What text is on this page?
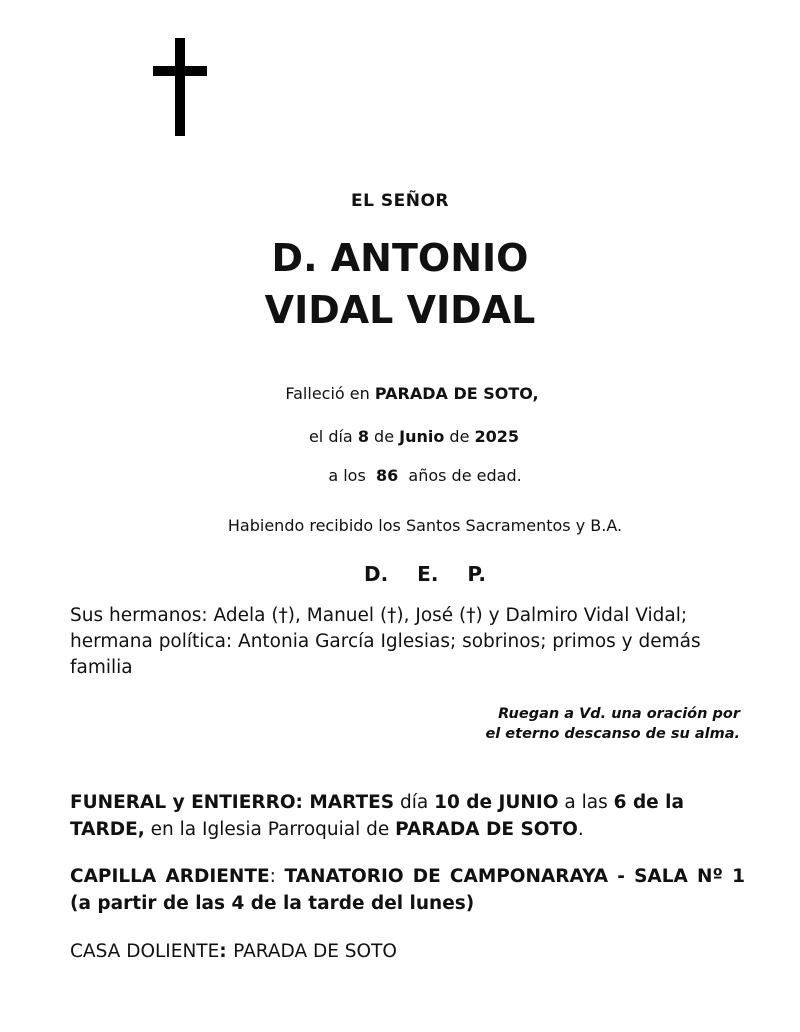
EL SEÑOR
D. ANTONIO
VIDAL VIDAL
Falleció en PARADA DE SOTO,
el día 8 de Junio de 2025
a los  86  años de edad.
Habiendo recibido los Santos Sacramentos y B.A.
D. E. P.
Sus hermanos: Adela (†), Manuel (†), José (†) y Dalmiro Vidal Vidal; hermana política: Antonia García Iglesias; sobrinos; primos y demás familia
Ruegan a Vd. una oración por
el eterno descanso de su alma.
FUNERAL y ENTIERRO: MARTES día 10 de JUNIO a las 6 de la TARDE, en la Iglesia Parroquial de PARADA DE SOTO.
CAPILLA ARDIENTE: TANATORIO DE CAMPONARAYA - SALA Nº 1 (a partir de las 4 de la tarde del lunes)
CASA DOLIENTE: PARADA DE SOTO
